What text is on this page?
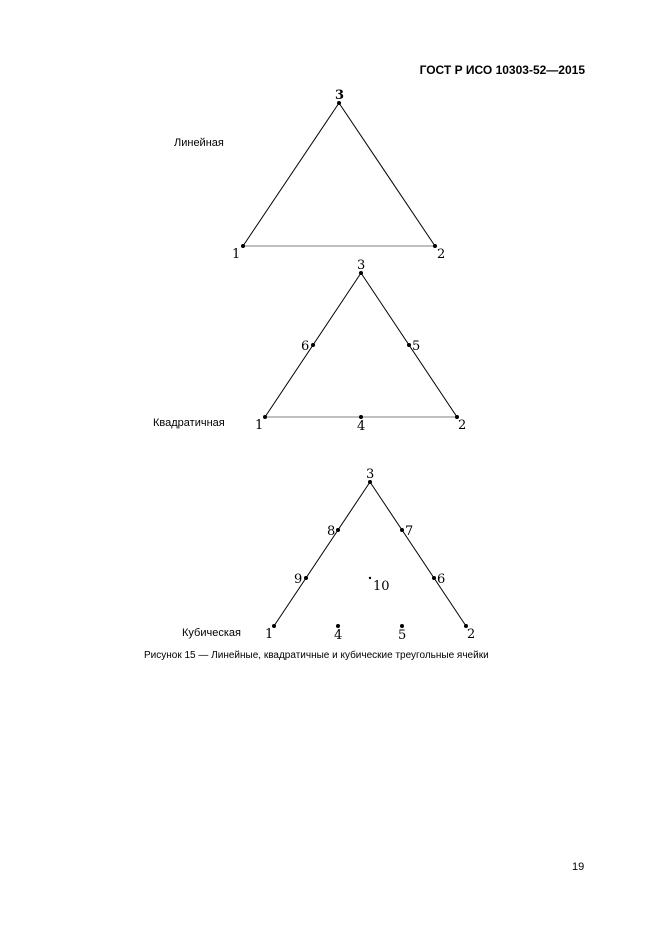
ГОСТ Р ИСО 10303-52—2015
Линейная
Квадратичная
Кубическая
1	2
3
1	2
3
4
5
6
1	2
3
4	5
6
7
8
9	10
Рисунок 15 — Линейные, квадратичные и кубические треугольные ячейки
19
